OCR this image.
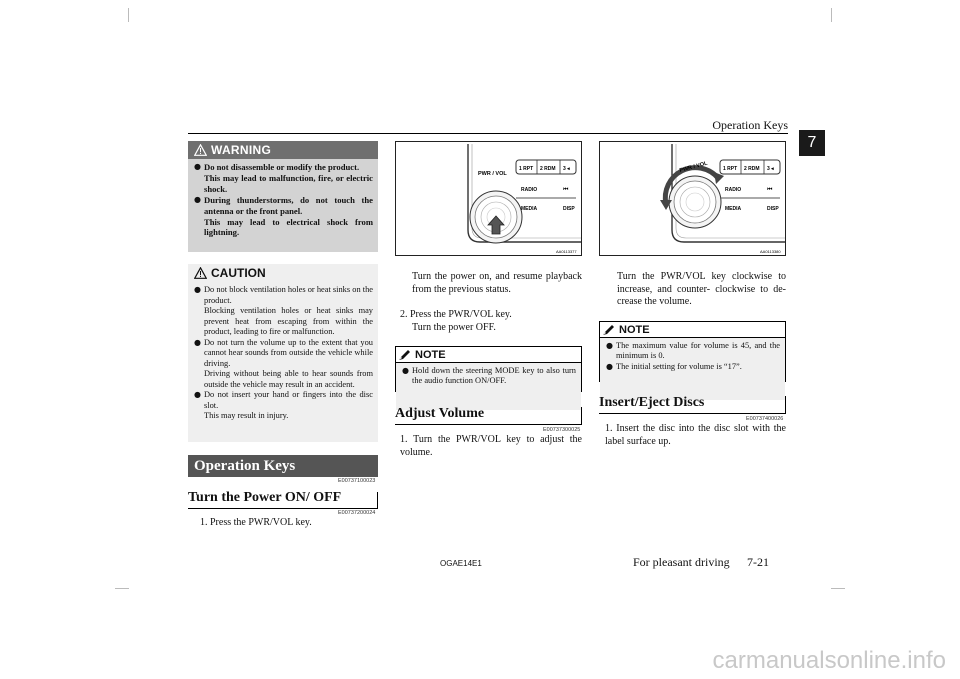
Operation Keys
7
WARNING
● Do not disassemble or modify the product.
This may lead to malfunction, fire, or electric shock.
● During thunderstorms, do not touch the antenna or the front panel.
This may lead to electrical shock from lightning.
CAUTION
● Do not block ventilation holes or heat sinks on the product.
Blocking ventilation holes or heat sinks may prevent heat from escaping from within the product, leading to fire or malfunction.
● Do not turn the volume up to the extent that you cannot hear sounds from outside the vehicle while driving.
Driving without being able to hear sounds from outside the vehicle may result in an accident.
● Do not insert your hand or fingers into the disc slot.
This may result in injury.
Operation Keys
E00737100023
Turn the Power ON/ OFF
E00737200024
1. Press the PWR/VOL key.
PWR / VOL
1 RPT 2 RDM 3 ◂
RADIO	⏮
MEDIA	DISP
AA0113377
Turn the power on, and resume playback from the previous status.
2. Press the PWR/VOL key.
Turn the power OFF.
NOTE
● Hold down the steering MODE key to also turn the audio function ON/OFF.
Adjust Volume
E00737300025
1. Turn the PWR/VOL key to adjust the volume.
PWR / VOL	1 RPT 2 RDM 3 ◂
RADIO	⏮
MEDIA	DISP
AA0113380
Turn the PWR/VOL key clockwise to increase, and counter- clockwise to decrease the volume.
NOTE
● The maximum value for volume is 45, and the minimum is 0.
● The initial setting for volume is “17”.
Insert/Eject Discs
E00737400026
1. Insert the disc into the disc slot with the label surface up.
OGAE14E1	For pleasant driving 7-21
carmanualsonline.info
